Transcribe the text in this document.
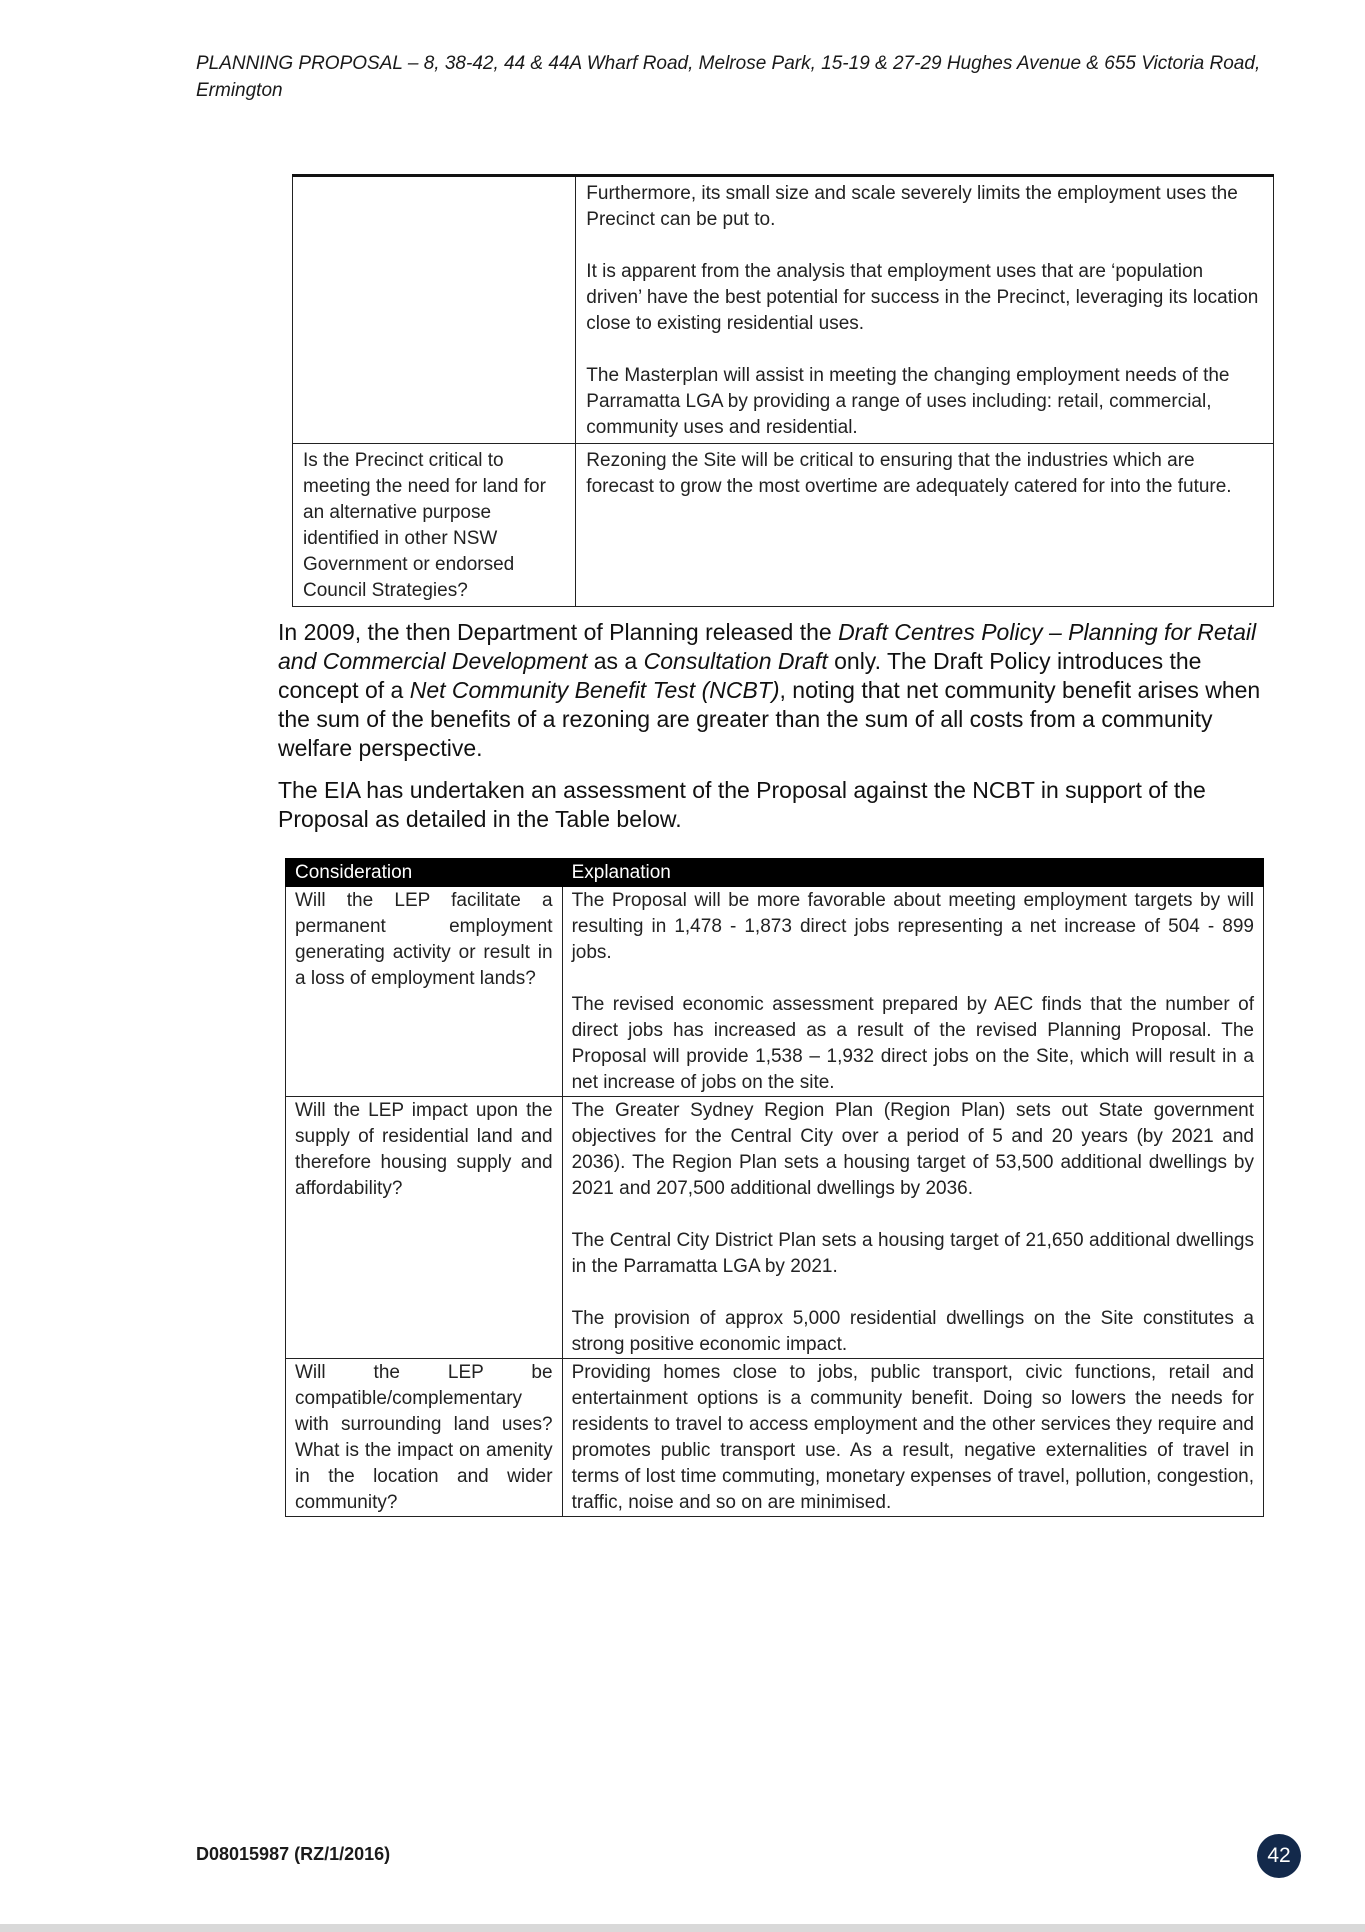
PLANNING PROPOSAL – 8, 38-42, 44 & 44A Wharf Road, Melrose Park, 15-19 & 27-29 Hughes Avenue & 655 Victoria Road, Ermington

	Furthermore, its small size and scale severely limits the employment uses the Precinct can be put to.

It is apparent from the analysis that employment uses that are ‘population driven’ have the best potential for success in the Precinct, leveraging its location close to existing residential uses.

The Masterplan will assist in meeting the changing employment needs of the Parramatta LGA by providing a range of uses including: retail, commercial, community uses and residential.

Is the Precinct critical to meeting the need for land for an alternative purpose identified in other NSW Government or endorsed Council Strategies?	Rezoning the Site will be critical to ensuring that the industries which are forecast to grow the most overtime are adequately catered for into the future.

In 2009, the then Department of Planning released the Draft Centres Policy – Planning for Retail and Commercial Development as a Consultation Draft only. The Draft Policy introduces the concept of a Net Community Benefit Test (NCBT), noting that net community benefit arises when the sum of the benefits of a rezoning are greater than the sum of all costs from a community welfare perspective.
The EIA has undertaken an assessment of the Proposal against the NCBT in support of the Proposal as detailed in the Table below.
Consideration	Explanation
Will the LEP facilitate a permanent employment generating activity or result in a loss of employment lands?	The Proposal will be more favorable about meeting employment targets by will resulting in 1,478 - 1,873 direct jobs representing a net increase of 504 - 899 jobs.

The revised economic assessment prepared by AEC finds that the number of direct jobs has increased as a result of the revised Planning Proposal. The Proposal will provide 1,538 – 1,932 direct jobs on the Site, which will result in a net increase of jobs on the site.

Will the LEP impact upon the supply of residential land and therefore housing supply and affordability?	The Greater Sydney Region Plan (Region Plan) sets out State government objectives for the Central City over a period of 5 and 20 years (by 2021 and 2036). The Region Plan sets a housing target of 53,500 additional dwellings by 2021 and 207,500 additional dwellings by 2036.

The Central City District Plan sets a housing target of 21,650 additional dwellings in the Parramatta LGA by 2021.

The provision of approx 5,000 residential dwellings on the Site constitutes a strong positive economic impact.

Will the LEP be compatible/complementary with surrounding land uses? What is the impact on amenity in the location and wider community?	Providing homes close to jobs, public transport, civic functions, retail and entertainment options is a community benefit. Doing so lowers the needs for residents to travel to access employment and the other services they require and promotes public transport use. As a result, negative externalities of travel in terms of lost time commuting, monetary expenses of travel, pollution, congestion, traffic, noise and so on are minimised.

D08015987 (RZ/1/2016)	42
